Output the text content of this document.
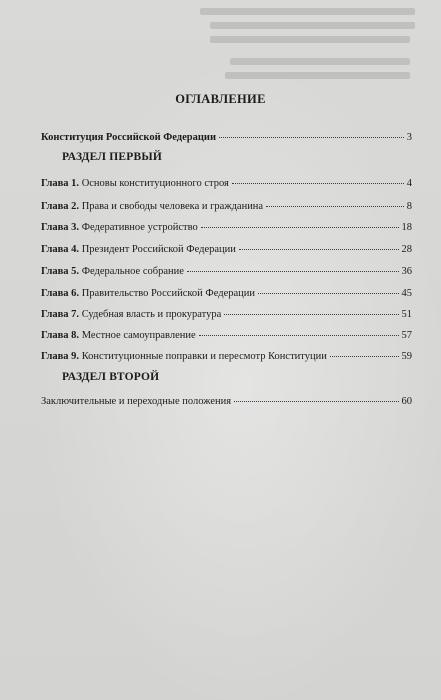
ОГЛАВЛЕНИЕ
Конституция Российской Федерации	3
РАЗДЕЛ ПЕРВЫЙ
Глава 1. Основы конституционного строя	4
Глава 2. Права и свободы человека и гражданина	8
Глава 3. Федеративное устройство	18
Глава 4. Президент Российской Федерации	28
Глава 5. Федеральное собрание	36
Глава 6. Правительство Российской Федерации	45
Глава 7. Судебная власть и прокуратура	51
Глава 8. Местное самоуправление	57
Глава 9. Конституционные поправки и пересмотр Конституции	59
РАЗДЕЛ ВТОРОЙ
Заключительные и переходные положения	60
